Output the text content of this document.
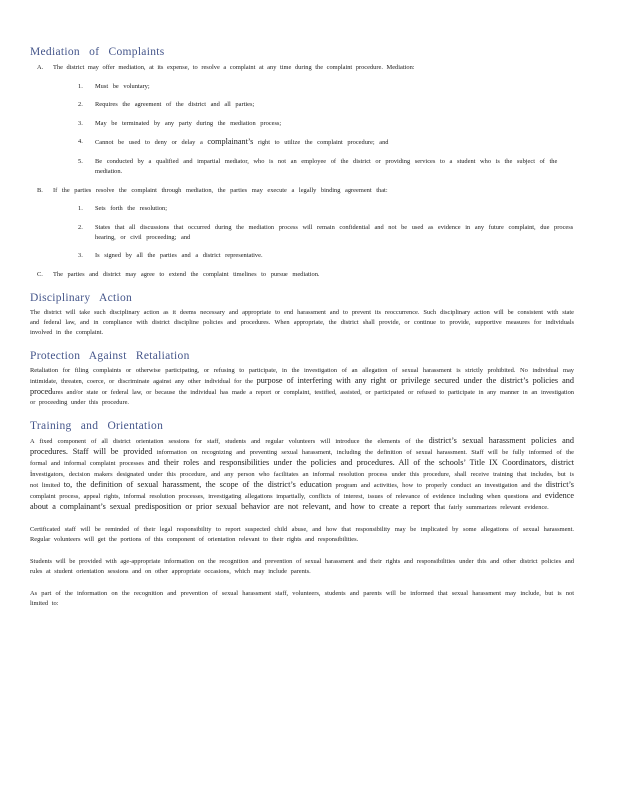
Mediation of Complaints
A. The district may offer mediation, at its expense, to resolve a complaint at any time during the complaint procedure. Mediation:
1. Must be voluntary;
2. Requires the agreement of the district and all parties;
3. May be terminated by any party during the mediation process;
4. Cannot be used to deny or delay a complainant’s right to utilize the complaint procedure; and
5. Be conducted by a qualified and impartial mediator, who is not an employee of the district or providing services to a student who is the subject of the mediation.
B. If the parties resolve the complaint through mediation, the parties may execute a legally binding agreement that:
1. Sets forth the resolution;
2. States that all discussions that occurred during the mediation process will remain confidential and not be used as evidence in any future complaint, due process hearing, or civil proceeding; and
3. Is signed by all the parties and a district representative.
C. The parties and district may agree to extend the complaint timelines to pursue mediation.
Disciplinary Action

The district will take such disciplinary action as it deems necessary and appropriate to end harassment and to prevent its reoccurrence. Such disciplinary action will be consistent with state and federal law, and in compliance with district discipline policies and procedures. When appropriate, the district shall provide, or continue to provide, supportive measures for individuals involved in the complaint.

Protection Against Retaliation

Retaliation for filing complaints or otherwise participating, or refusing to participate, in the investigation of an allegation of sexual harassment is strictly prohibited. No individual may intimidate, threaten, coerce, or discriminate against any other individual for the purpose of interfering with any right or privilege secured under the district’s policies and procedures and/or state or federal law, or because the individual has made a report or complaint, testified, assisted, or participated or refused to participate in any manner in an investigation or proceeding under this procedure.

Training and Orientation

A fixed component of all district orientation sessions for staff, students and regular volunteers will introduce the elements of the district’s sexual harassment policies and procedures. Staff will be provided information on recognizing and preventing sexual harassment, including the definition of sexual harassment. Staff will be fully informed of the formal and informal complaint processes and their roles and responsibilities under the policies and procedures. All of the schools’ Title IX Coordinators, district investigators, decision makers designated under this procedure, and any person who facilitates an informal resolution process under this procedure, shall receive training that includes, but is not limited to, the definition of sexual harassment, the scope of the district’s education program and activities, how to properly conduct an investigation and the district’s complaint process, appeal rights, informal resolution processes, investigating allegations impartially, conflicts of interest, issues of relevance of evidence including when questions and evidence about a complainant’s sexual predisposition or prior sexual behavior are not relevant, and how to create a report that fairly summarizes relevant evidence.

Certificated staff will be reminded of their legal responsibility to report suspected child abuse, and how that responsibility may be implicated by some allegations of sexual harassment. Regular volunteers will get the portions of this component of orientation relevant to their rights and responsibilities.

Students will be provided with age-appropriate information on the recognition and prevention of sexual harassment and their rights and responsibilities under this and other district policies and rules at student orientation sessions and on other appropriate occasions, which may include parents.

As part of the information on the recognition and prevention of sexual harassment staff, volunteers, students and parents will be informed that sexual harassment may include, but is not limited to:
